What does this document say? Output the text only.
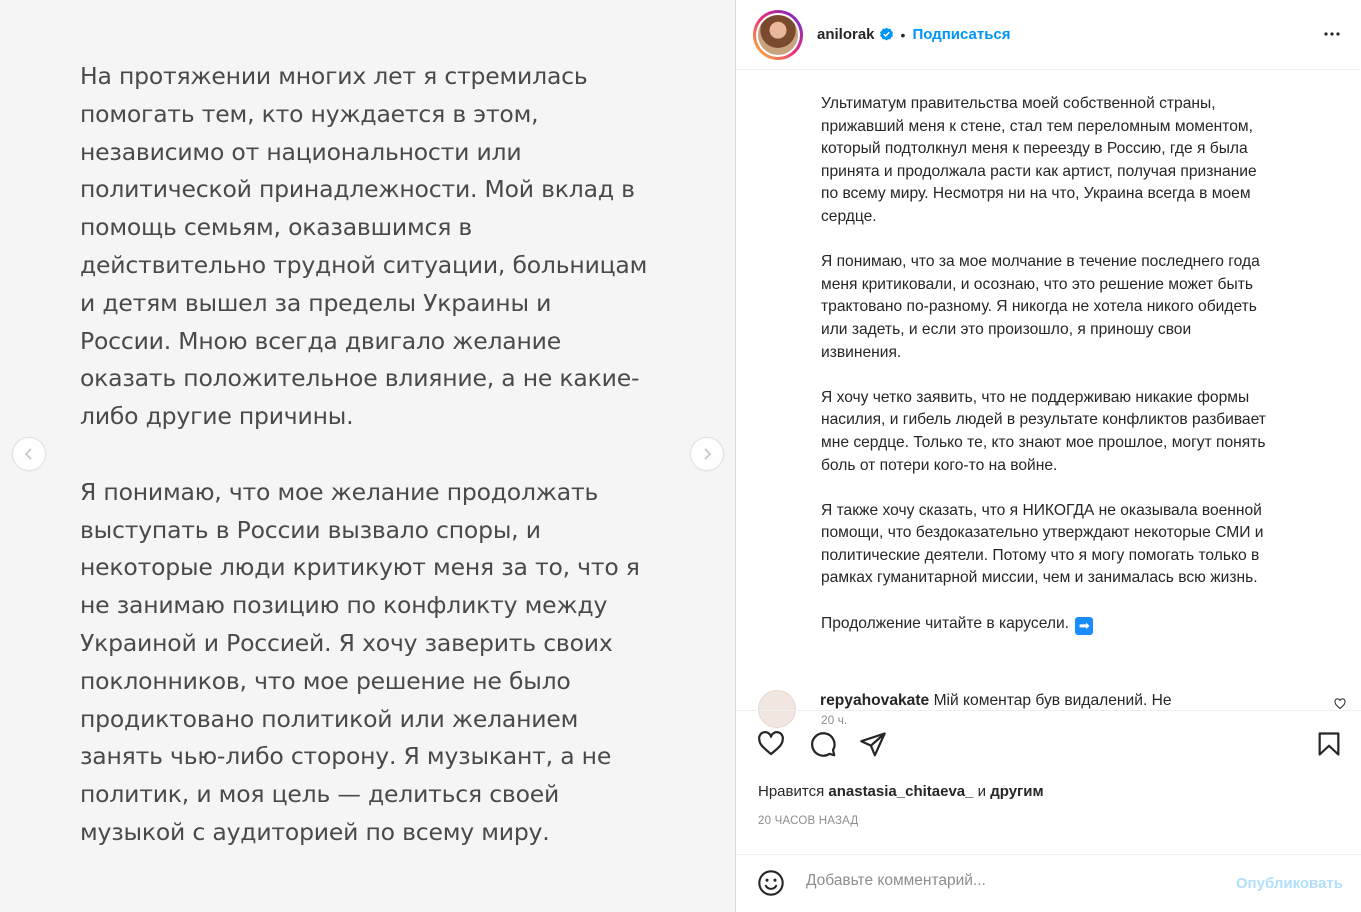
На протяжении многих лет я стремилась
помогать тем, кто нуждается в этом,
независимо от национальности или
политической принадлежности. Мой вклад в
помощь семьям, оказавшимся в
действительно трудной ситуации, больницам
и детям вышел за пределы Украины и
России. Мною всегда двигало желание
оказать положительное влияние, а не какие-
либо другие причины.

Я понимаю, что мое желание продолжать
выступать в России вызвало споры, и
некоторые люди критикуют меня за то, что я
не занимаю позицию по конфликту между
Украиной и Россией. Я хочу заверить своих
поклонников, что мое решение не было
продиктовано политикой или желанием
занять чью-либо сторону. Я музыкант, а не
политик, и моя цель — делиться своей
музыкой с аудиторией по всему миру.

anilorak • Подписаться

Ультиматум правительства моей собственной страны,
прижавший меня к стене, стал тем переломным моментом,
который подтолкнул меня к переезду в Россию, где я была
принята и продолжала расти как артист, получая признание
по всему миру. Несмотря ни на что, Украина всегда в моем
сердце.

Я понимаю, что за мое молчание в течение последнего года
меня критиковали, и осознаю, что это решение может быть
трактовано по-разному. Я никогда не хотела никого обидеть
или задеть, и если это произошло, я приношу свои
извинения.

Я хочу четко заявить, что не поддерживаю никакие формы
насилия, и гибель людей в результате конфликтов разбивает
мне сердце. Только те, кто знают мое прошлое, могут понять
боль от потери кого-то на войне.

Я также хочу сказать, что я НИКОГДА не оказывала военной
помощи, что бездоказательно утверждают некоторые СМИ и
политические деятели. Потому что я могу помогать только в
рамках гуманитарной миссии, чем и занималась всю жизнь.

Продолжение читайте в карусели. ➡

20 ч.
repyahovakate Мій коментар був видалений. Не
Нравится anastasia_chitaeva_ и другим
20 ЧАСОВ НАЗАД
Добавьте комментарий...
Опубликовать
